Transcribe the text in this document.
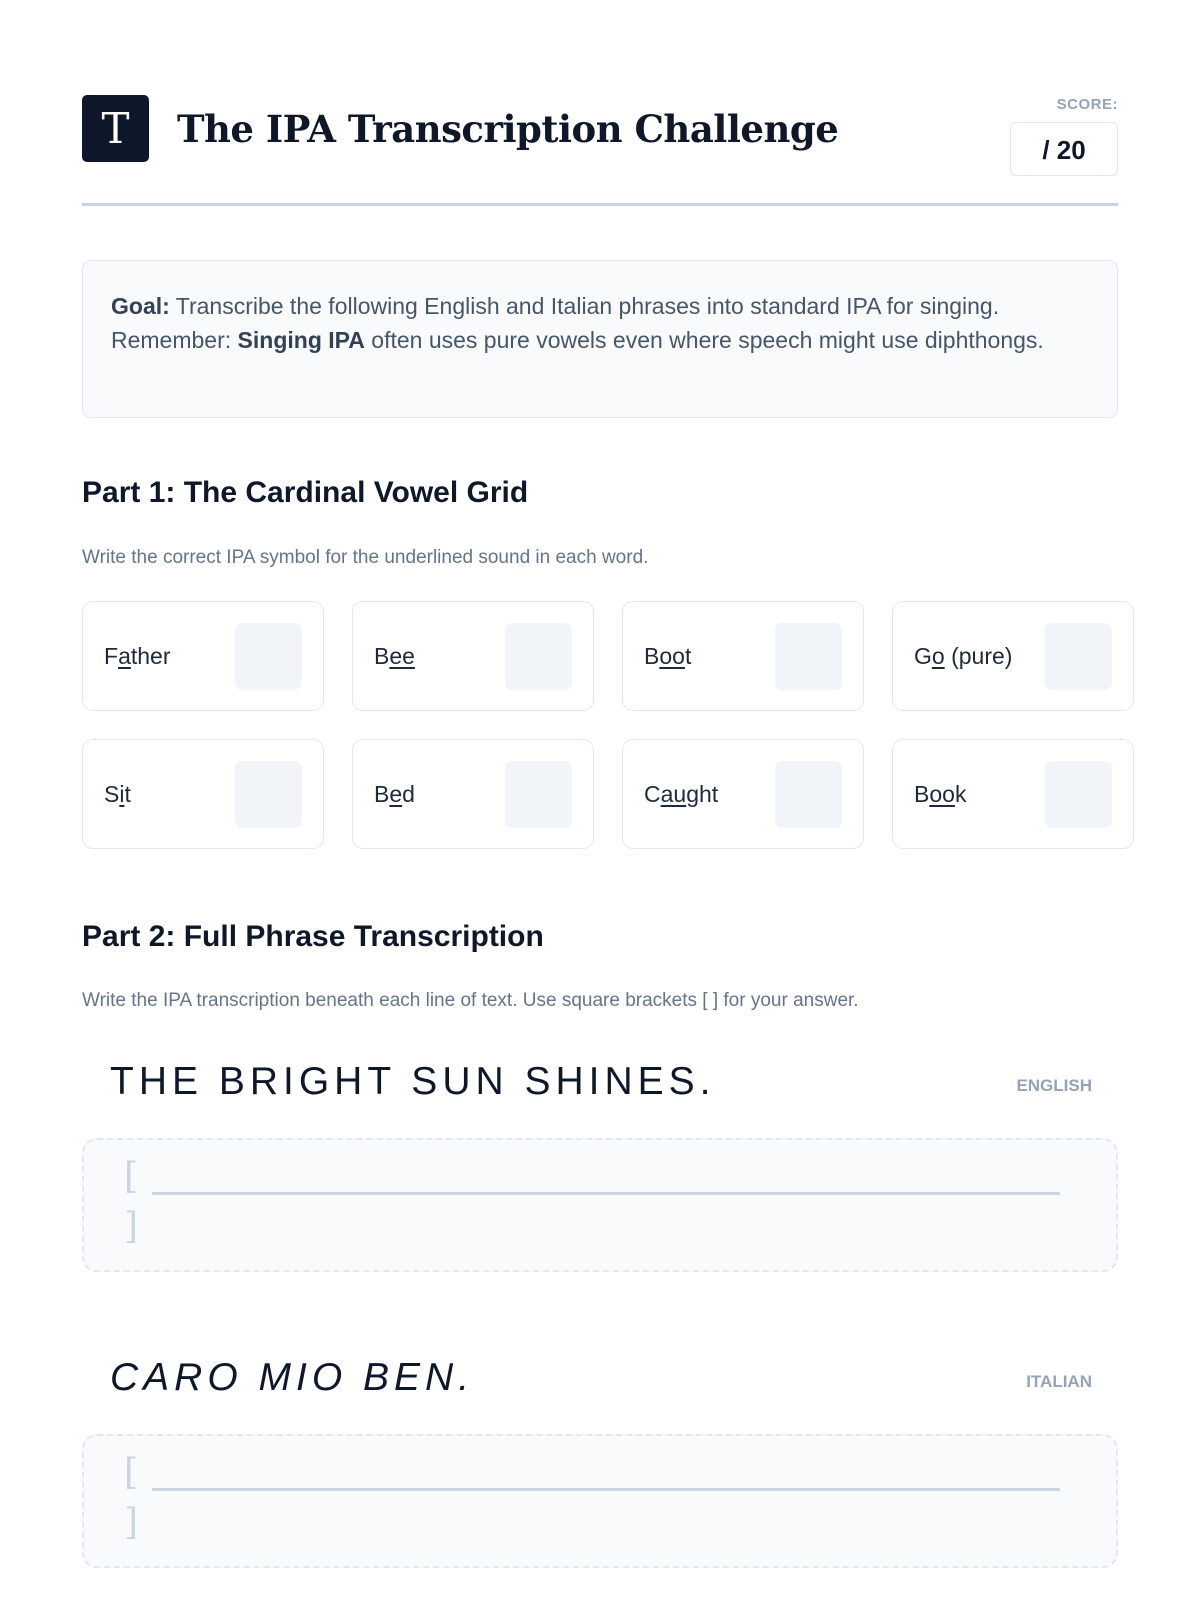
T	The IPA Transcription Challenge
SCORE:
/ 20
Goal: Transcribe the following English and Italian phrases into standard IPA for singing.
Remember: Singing IPA often uses pure vowels even where speech might use diphthongs.
Part 1: The Cardinal Vowel Grid
Write the correct IPA symbol for the underlined sound in each word.
Father	Bee	Boot	Go (pure)
Sit	Bed	Caught	Book
Part 2: Full Phrase Transcription
Write the IPA transcription beneath each line of text. Use square brackets [ ] for your answer.
THE BRIGHT SUN SHINES.	ENGLISH
[
]
CARO MIO BEN.	ITALIAN
[
]
